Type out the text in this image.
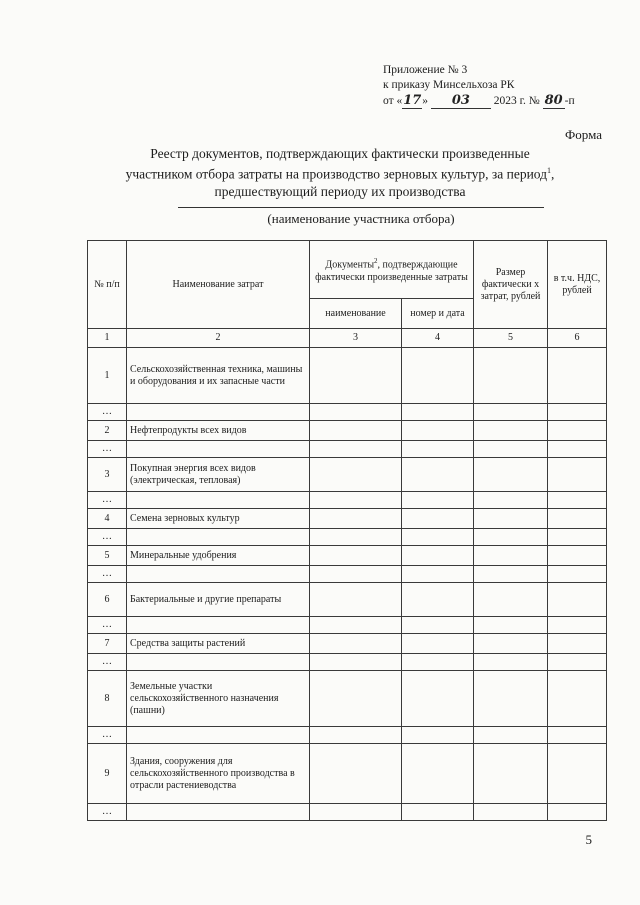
Приложение № 3
к приказу Минсельхоза РК
от «17» 03 2023 г. № 80 -п
Форма
Реестр документов, подтверждающих фактически произведенные
участником отбора затраты на производство зерновых культур, за период$^1$,
предшествующий периоду их производства
(наименование участника отбора)
№ п/п	Наименование затрат	Документы$^2$, подтверждающие фактически произведенные затраты		Размер фактически х затрат, рублей	в т.ч. НДС, рублей
		наименование	номер и дата		
1	2	3	4	5	6
1	Сельскохозяйственная техника, машины и оборудования и их запасные части				
…					
2	Нефтепродукты всех видов				
…					
3	Покупная энергия всех видов (электрическая, тепловая)				
…					
4	Семена зерновых культур				
…					
5	Минеральные удобрения				
…					
6	Бактериальные и другие препараты				
…					
7	Средства защиты растений				
…					
8	Земельные участки сельскохозяйственного назначения (пашни)				
…					
9	Здания, сооружения для сельскохозяйственного производства в отрасли растениеводства				
…					
5
